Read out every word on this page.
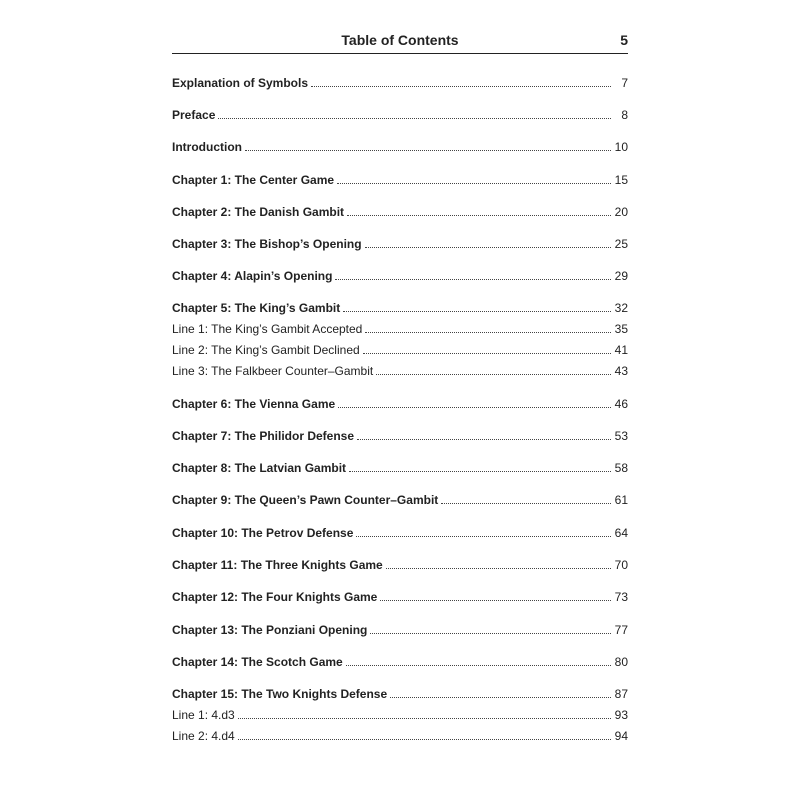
Table of Contents	5
Explanation of Symbols	7
Preface	8
Introduction	10
Chapter 1: The Center Game	15
Chapter 2: The Danish Gambit	20
Chapter 3: The Bishop’s Opening	25
Chapter 4: Alapin’s Opening	29
Chapter 5: The King’s Gambit	32
Line 1: The King’s Gambit Accepted	35
Line 2: The King’s Gambit Declined	41
Line 3: The Falkbeer Counter–Gambit	43
Chapter 6: The Vienna Game	46
Chapter 7: The Philidor Defense	53
Chapter 8: The Latvian Gambit	58
Chapter 9: The Queen’s Pawn Counter–Gambit	61
Chapter 10: The Petrov Defense	64
Chapter 11: The Three Knights Game	70
Chapter 12: The Four Knights Game	73
Chapter 13: The Ponziani Opening	77
Chapter 14: The Scotch Game	80
Chapter 15: The Two Knights Defense	87
Line 1: 4.d3	93
Line 2: 4.d4	94
